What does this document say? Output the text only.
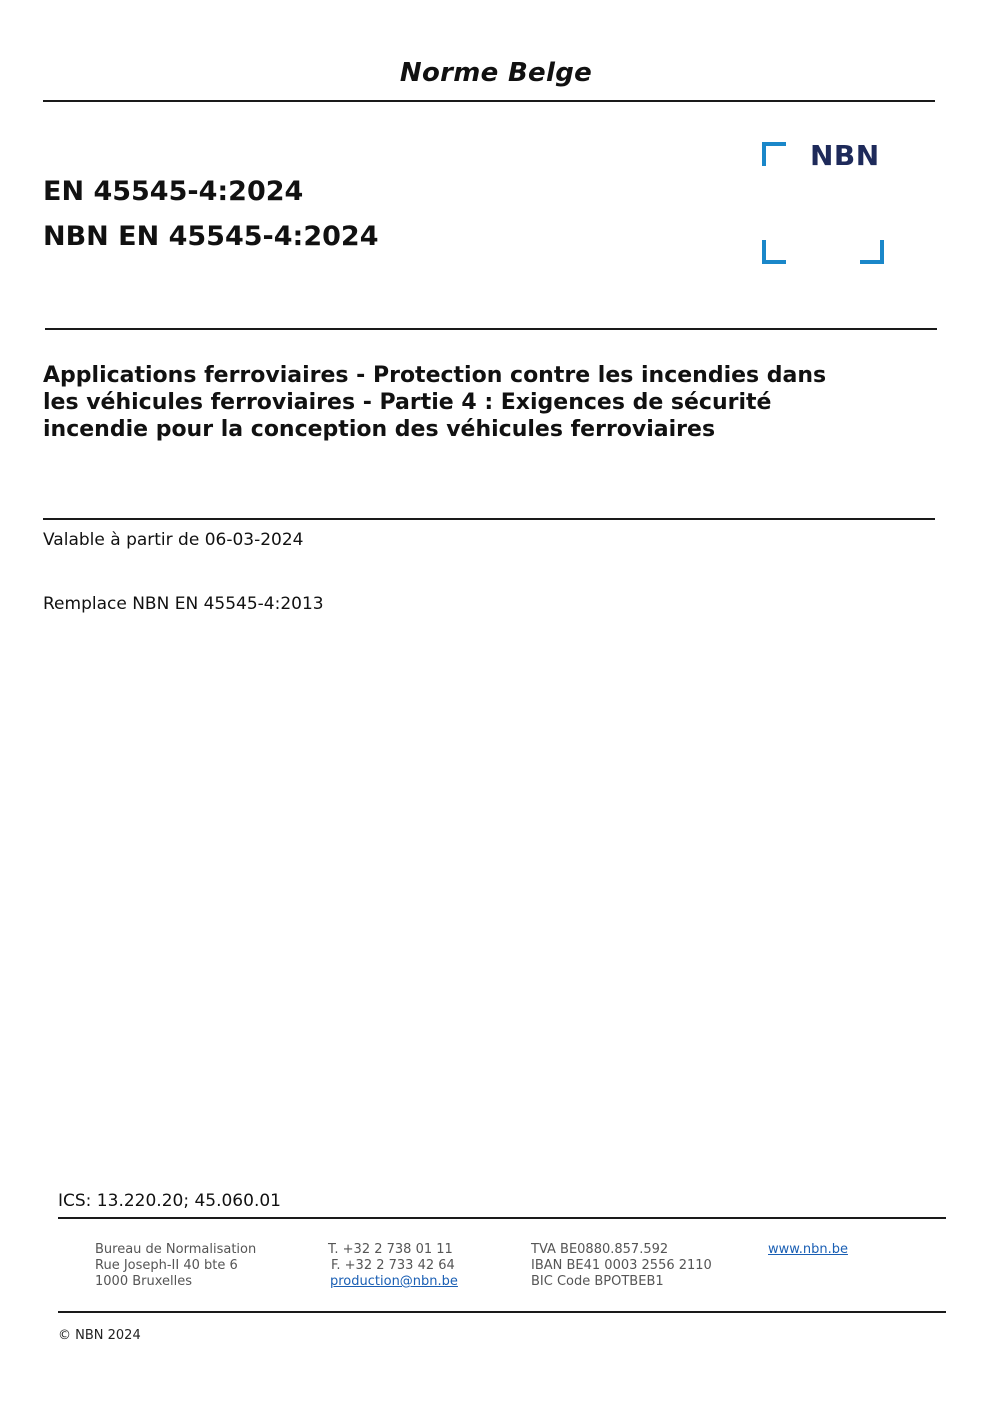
Norme Belge
EN 45545-4:2024
NBN EN 45545-4:2024
NBN
Applications ferroviaires - Protection contre les incendies dans
les véhicules ferroviaires - Partie 4 : Exigences de sécurité
incendie pour la conception des véhicules ferroviaires
Valable à partir de 06-03-2024
Remplace NBN EN 45545-4:2013
ICS: 13.220.20; 45.060.01
Bureau de Normalisation
Rue Joseph-II 40 bte 6
1000 Bruxelles
T. +32 2 738 01 11
F. +32 2 733 42 64
production@nbn.be
TVA BE0880.857.592
IBAN BE41 0003 2556 2110
BIC Code BPOTBEB1
www.nbn.be
© NBN 2024
